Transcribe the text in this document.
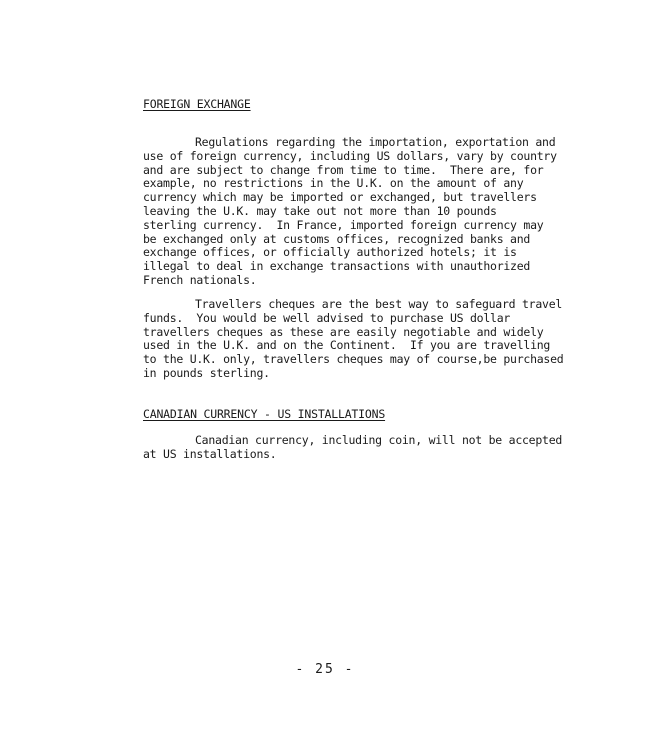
FOREIGN EXCHANGE
Regulations regarding the importation, exportation and
use of foreign currency, including US dollars, vary by country
and are subject to change from time to time.  There are, for
example, no restrictions in the U.K. on the amount of any
currency which may be imported or exchanged, but travellers
leaving the U.K. may take out not more than 10 pounds
sterling currency.  In France, imported foreign currency may
be exchanged only at customs offices, recognized banks and
exchange offices, or officially authorized hotels; it is
illegal to deal in exchange transactions with unauthorized
French nationals.
Travellers cheques are the best way to safeguard travel
funds.  You would be well advised to purchase US dollar
travellers cheques as these are easily negotiable and widely
used in the U.K. and on the Continent.  If you are travelling
to the U.K. only, travellers cheques may of course,be purchased
in pounds sterling.
CANADIAN CURRENCY - US INSTALLATIONS
Canadian currency, including coin, will not be accepted
at US installations.
- 25 -
